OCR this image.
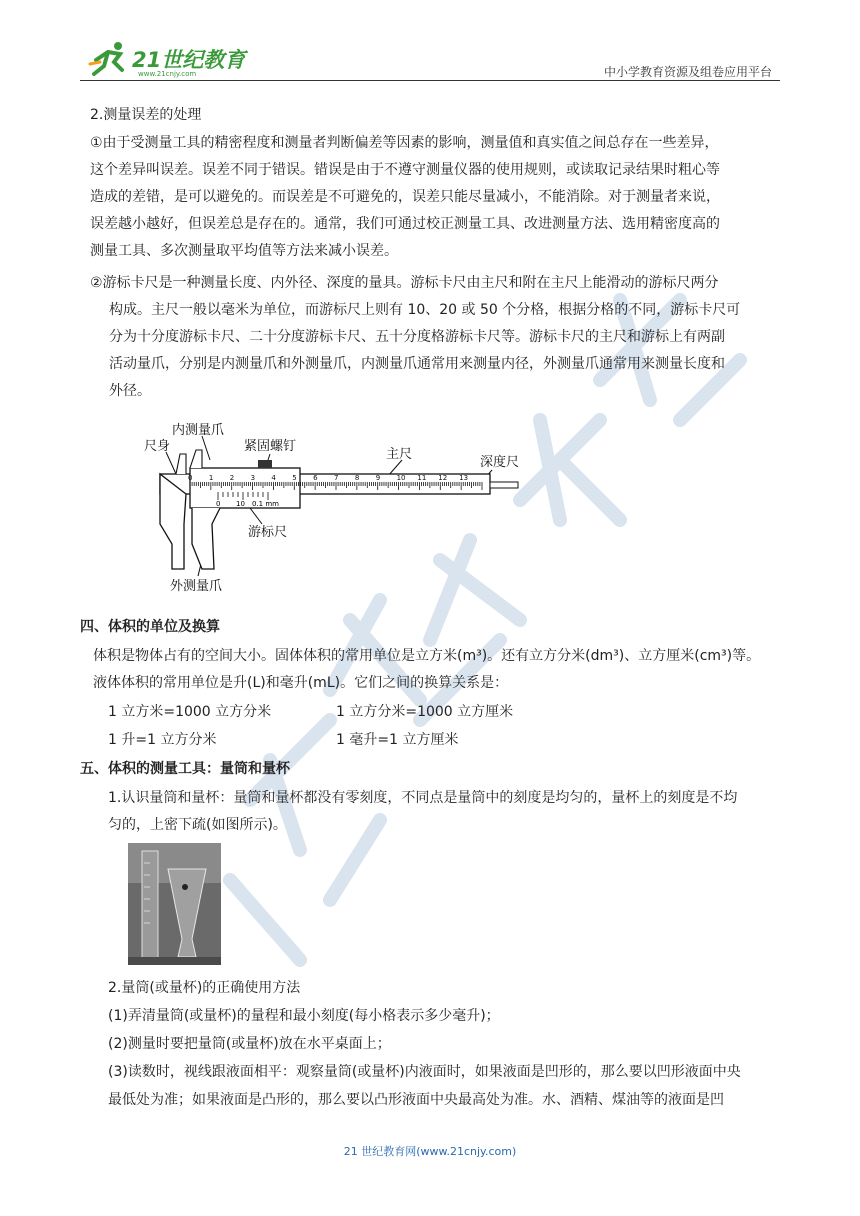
21世纪教育
www.21cnjy.com	中小学教育资源及组卷应用平台
2.测量误差的处理
①由于受测量工具的精密程度和测量者判断偏差等因素的影响，测量值和真实值之间总存在一些差异，
这个差异叫误差。误差不同于错误。错误是由于不遵守测量仪器的使用规则，或读取记录结果时粗心等
造成的差错，是可以避免的。而误差是不可避免的，误差只能尽量减小，不能消除。对于测量者来说，
误差越小越好，但误差总是存在的。通常，我们可通过校正测量工具、改进测量方法、选用精密度高的
测量工具、多次测量取平均值等方法来减小误差。
②游标卡尺是一种测量长度、内外径、深度的量具。游标卡尺由主尺和附在主尺上能滑动的游标尺两分
构成。主尺一般以毫米为单位，而游标尺上则有 10、20 或 50 个分格，根据分格的不同，游标卡尺可
分为十分度游标卡尺、二十分度游标卡尺、五十分度格游标卡尺等。游标卡尺的主尺和游标上有两副
活动量爪，分别是内测量爪和外测量爪，内测量爪通常用来测量内径，外测量爪通常用来测量长度和
外径。
尺身
内测量爪
紧固螺钉
主尺
深度尺
游标尺
外测量爪
0 1 2 3 4 5 6 7 8 9 10 11 12 13
0 10 0.1 mm
四、体积的单位及换算
体积是物体占有的空间大小。固体体积的常用单位是立方米(m³)。还有立方分米(dm³)、立方厘米(cm³)等。
液体体积的常用单位是升(L)和毫升(mL)。它们之间的换算关系是：
1 立方米=1000 立方分米	1 立方分米=1000 立方厘米
1 升=1 立方分米	1 毫升=1 立方厘米
五、体积的测量工具：量筒和量杯
1.认识量筒和量杯：量筒和量杯都没有零刻度，不同点是量筒中的刻度是均匀的，量杯上的刻度是不均
匀的，上密下疏(如图所示)。
2.量筒(或量杯)的正确使用方法
(1)弄清量筒(或量杯)的量程和最小刻度(每小格表示多少毫升)；
(2)测量时要把量筒(或量杯)放在水平桌面上；
(3)读数时，视线跟液面相平：观察量筒(或量杯)内液面时，如果液面是凹形的，那么要以凹形液面中央
最低处为准；如果液面是凸形的，那么要以凸形液面中央最高处为准。水、酒精、煤油等的液面是凹
21 世纪教育网(www.21cnjy.com)
